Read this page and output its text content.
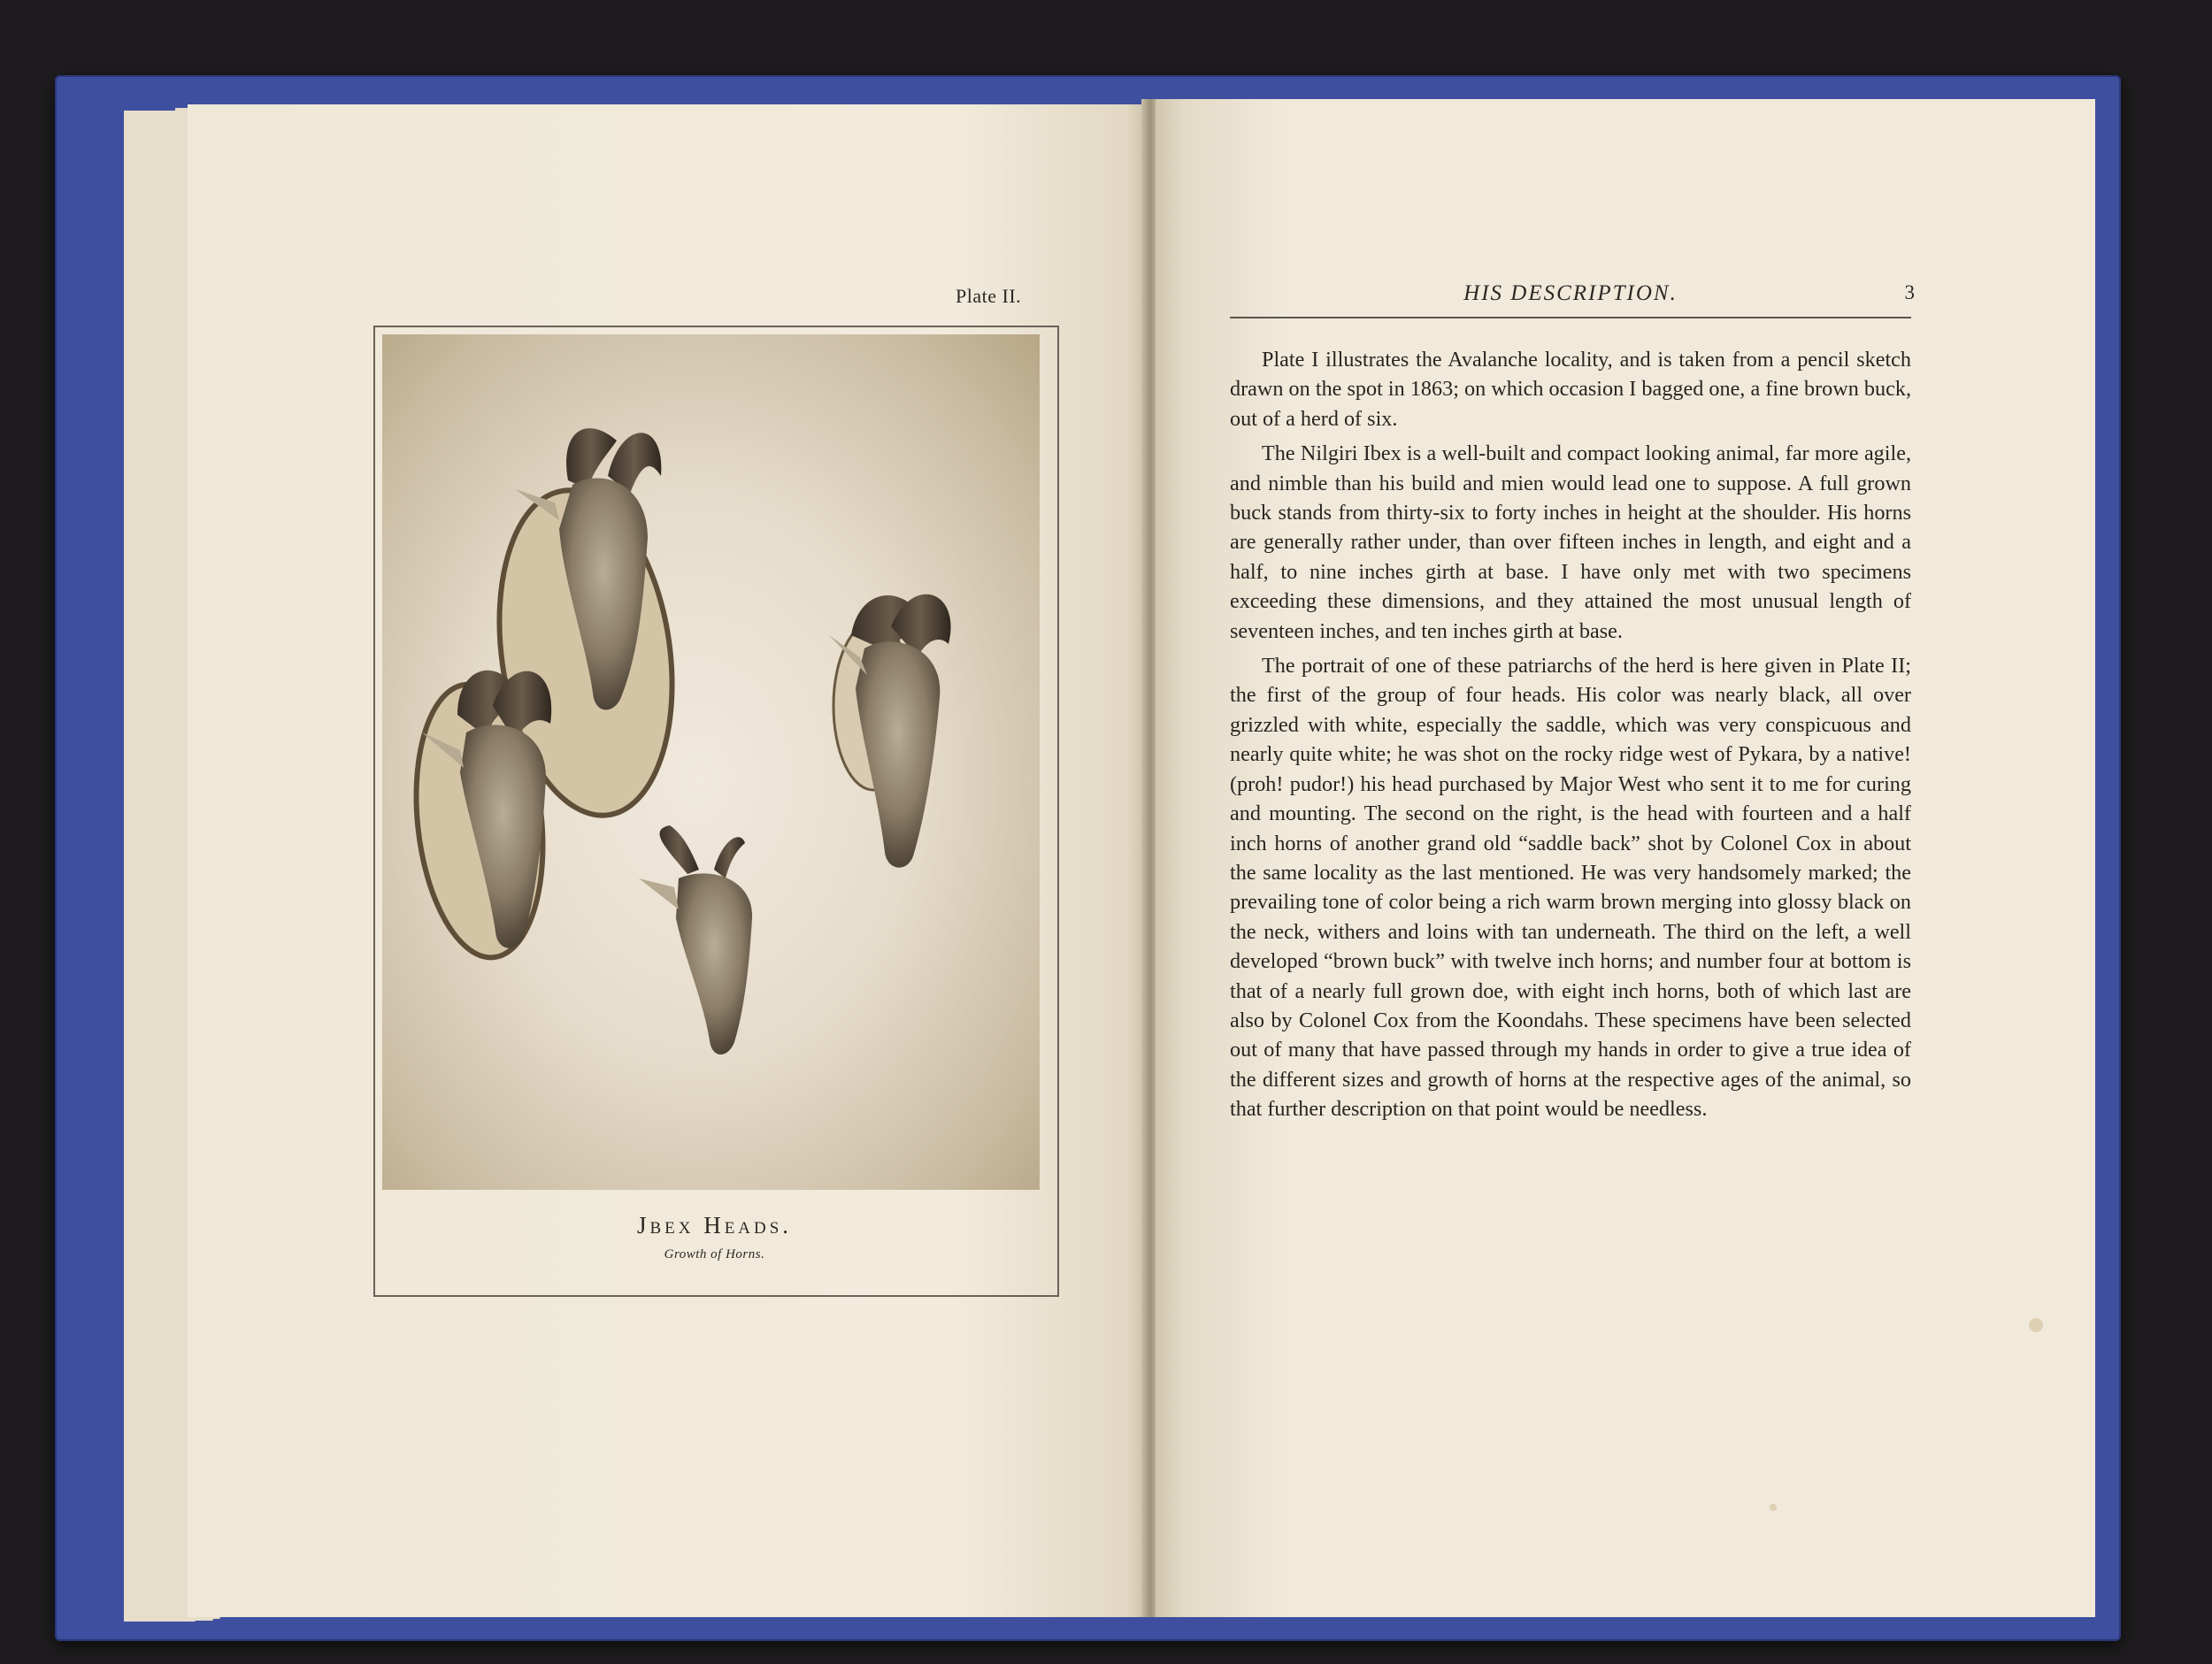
Plate II.
Jbex Heads.
Growth of Horns.
HIS DESCRIPTION.	3

Plate I illustrates the Avalanche locality, and is taken from a pencil sketch drawn on the spot in 1863; on which occasion I bagged one, a fine brown buck, out of a herd of six.

The Nilgiri Ibex is a well-built and compact looking animal, far more agile, and nimble than his build and mien would lead one to suppose. A full grown buck stands from thirty-six to forty inches in height at the shoulder. His horns are generally rather under, than over fifteen inches in length, and eight and a half, to nine inches girth at base. I have only met with two specimens exceeding these dimensions, and they attained the most unusual length of seventeen inches, and ten inches girth at base.

The portrait of one of these patriarchs of the herd is here given in Plate II; the first of the group of four heads. His color was nearly black, all over grizzled with white, especially the saddle, which was very conspicuous and nearly quite white; he was shot on the rocky ridge west of Pykara, by a native! (proh! pudor!) his head purchased by Major West who sent it to me for curing and mounting. The second on the right, is the head with fourteen and a half inch horns of another grand old “saddle back” shot by Colonel Cox in about the same locality as the last mentioned. He was very handsomely marked; the prevailing tone of color being a rich warm brown merging into glossy black on the neck, withers and loins with tan underneath. The third on the left, a well developed “brown buck” with twelve inch horns; and number four at bottom is that of a nearly full grown doe, with eight inch horns, both of which last are also by Colonel Cox from the Koondahs. These specimens have been selected out of many that have passed through my hands in order to give a true idea of the different sizes and growth of horns at the respective ages of the animal, so that further description on that point would be needless.
